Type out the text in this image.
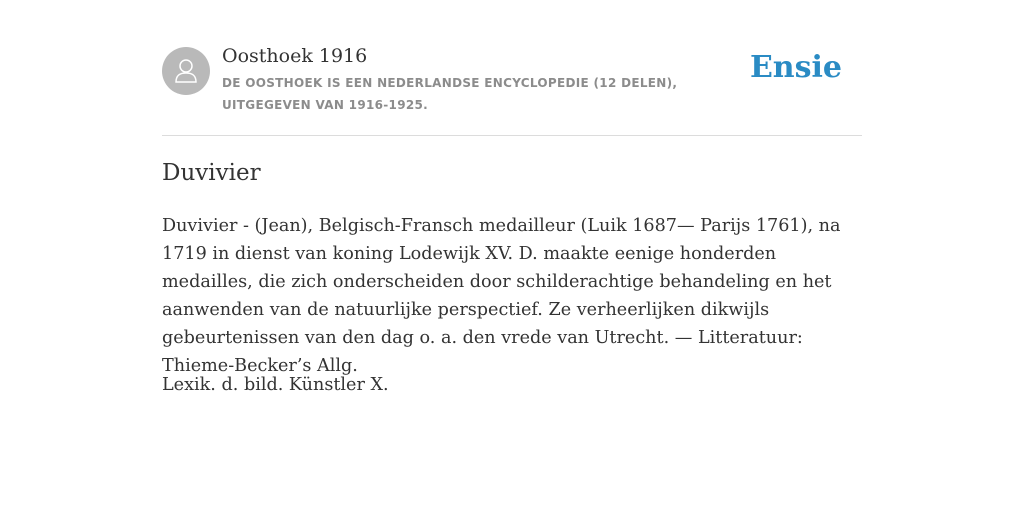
Oosthoek 1916
DE OOSTHOEK IS EEN NEDERLANDSE ENCYCLOPEDIE (12 DELEN), UITGEGEVEN VAN 1916-1925.
Ensie
Duvivier

Duvivier - (Jean), Belgisch-Fransch medailleur (Luik 1687— Parijs 1761), na 1719 in dienst van koning Lodewijk XV. D. maakte eenige honderden medailles, die zich onderscheiden door schilderachtige behandeling en het aanwenden van de natuurlijke perspectief. Ze verheerlijken dikwijls gebeurtenissen van den dag o. a. den vrede van Utrecht. — Litteratuur: Thieme-Becker’s Allg.

Lexik. d. bild. Künstler X.
